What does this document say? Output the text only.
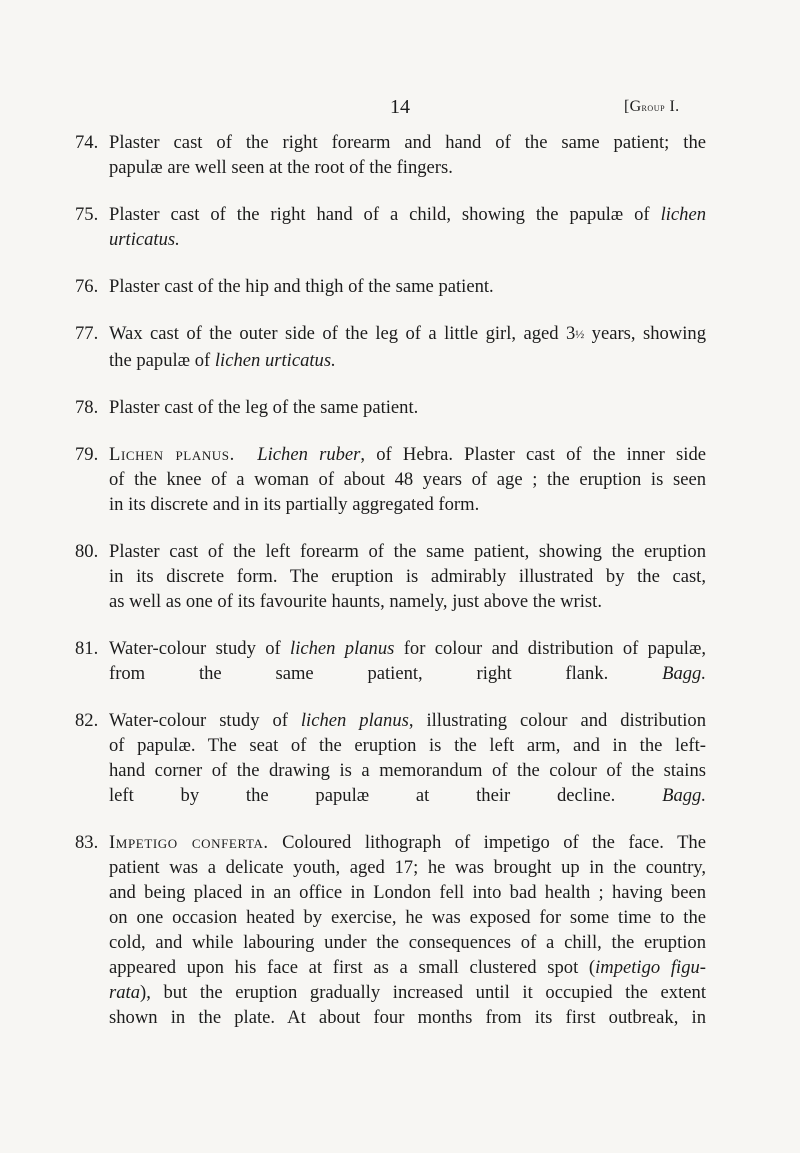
14	[Group I.
74. Plaster cast of the right forearm and hand of the same patient; the
papulæ are well seen at the root of the fingers.
75. Plaster cast of the right hand of a child, showing the papulæ of lichen
urticatus.
76. Plaster cast of the hip and thigh of the same patient.
77. Wax cast of the outer side of the leg of a little girl, aged 3½ years, showing
the papulæ of lichen urticatus.
78. Plaster cast of the leg of the same patient.
79. Lichen planus. Lichen ruber, of Hebra. Plaster cast of the inner side
of the knee of a woman of about 48 years of age ; the eruption is seen
in its discrete and in its partially aggregated form.
80. Plaster cast of the left forearm of the same patient, showing the eruption
in its discrete form. The eruption is admirably illustrated by the cast,
as well as one of its favourite haunts, namely, just above the wrist.
81. Water-colour study of lichen planus for colour and distribution of papulæ,
from the same patient, right flank.	Bagg.
82. Water-colour study of lichen planus, illustrating colour and distribution
of papulæ. The seat of the eruption is the left arm, and in the left-
hand corner of the drawing is a memorandum of the colour of the stains
left by the papulæ at their decline.	Bagg.
83. Impetigo conferta. Coloured lithograph of impetigo of the face. The
patient was a delicate youth, aged 17; he was brought up in the country,
and being placed in an office in London fell into bad health ; having been
on one occasion heated by exercise, he was exposed for some time to the
cold, and while labouring under the consequences of a chill, the eruption
appeared upon his face at first as a small clustered spot (impetigo figu-
rata), but the eruption gradually increased until it occupied the extent
shown in the plate. At about four months from its first outbreak, in
